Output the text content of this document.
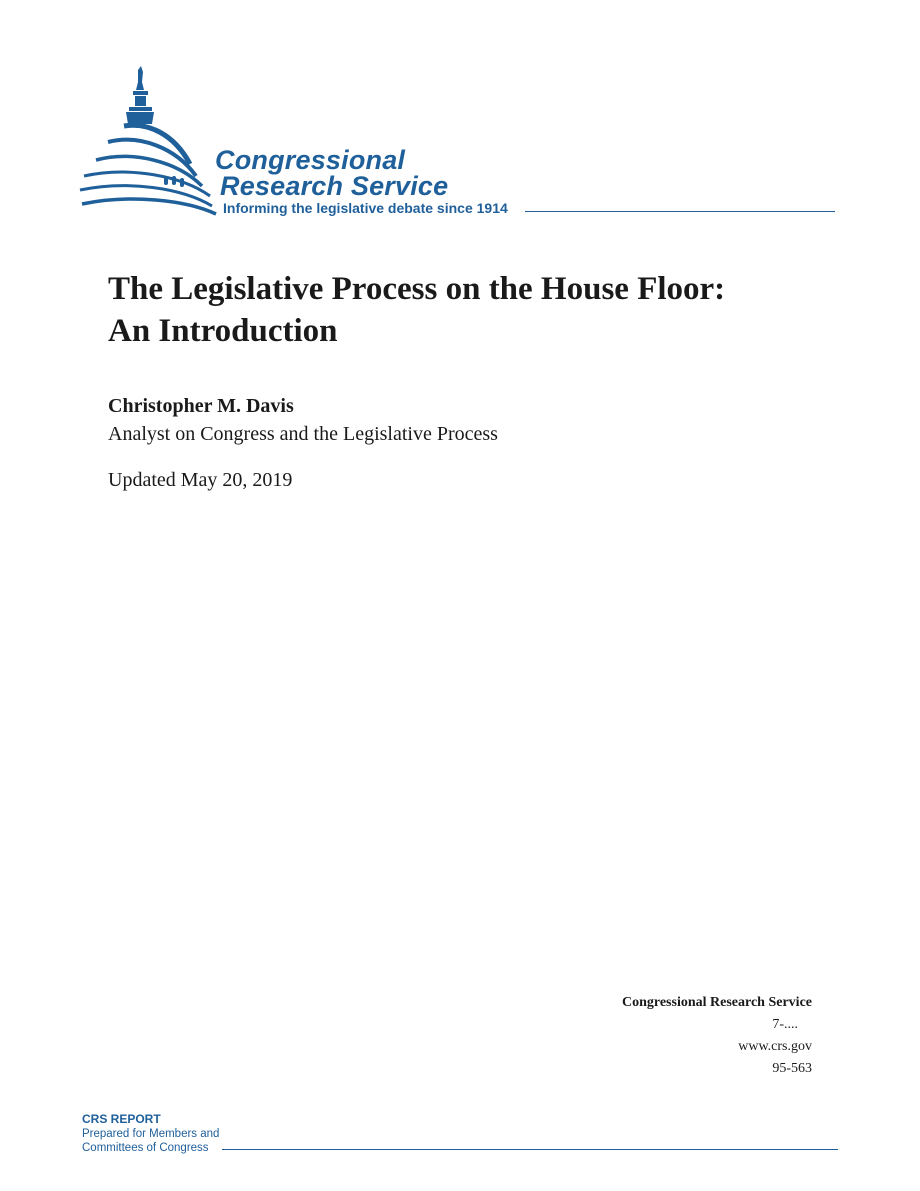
Congressional
Research Service
Informing the legislative debate since 1914
The Legislative Process on the House Floor:
An Introduction
Christopher M. Davis
Analyst on Congress and the Legislative Process
Updated May 20, 2019
Congressional Research Service
7-....
www.crs.gov
95-563
CRS REPORT
Prepared for Members and
Committees of Congress
